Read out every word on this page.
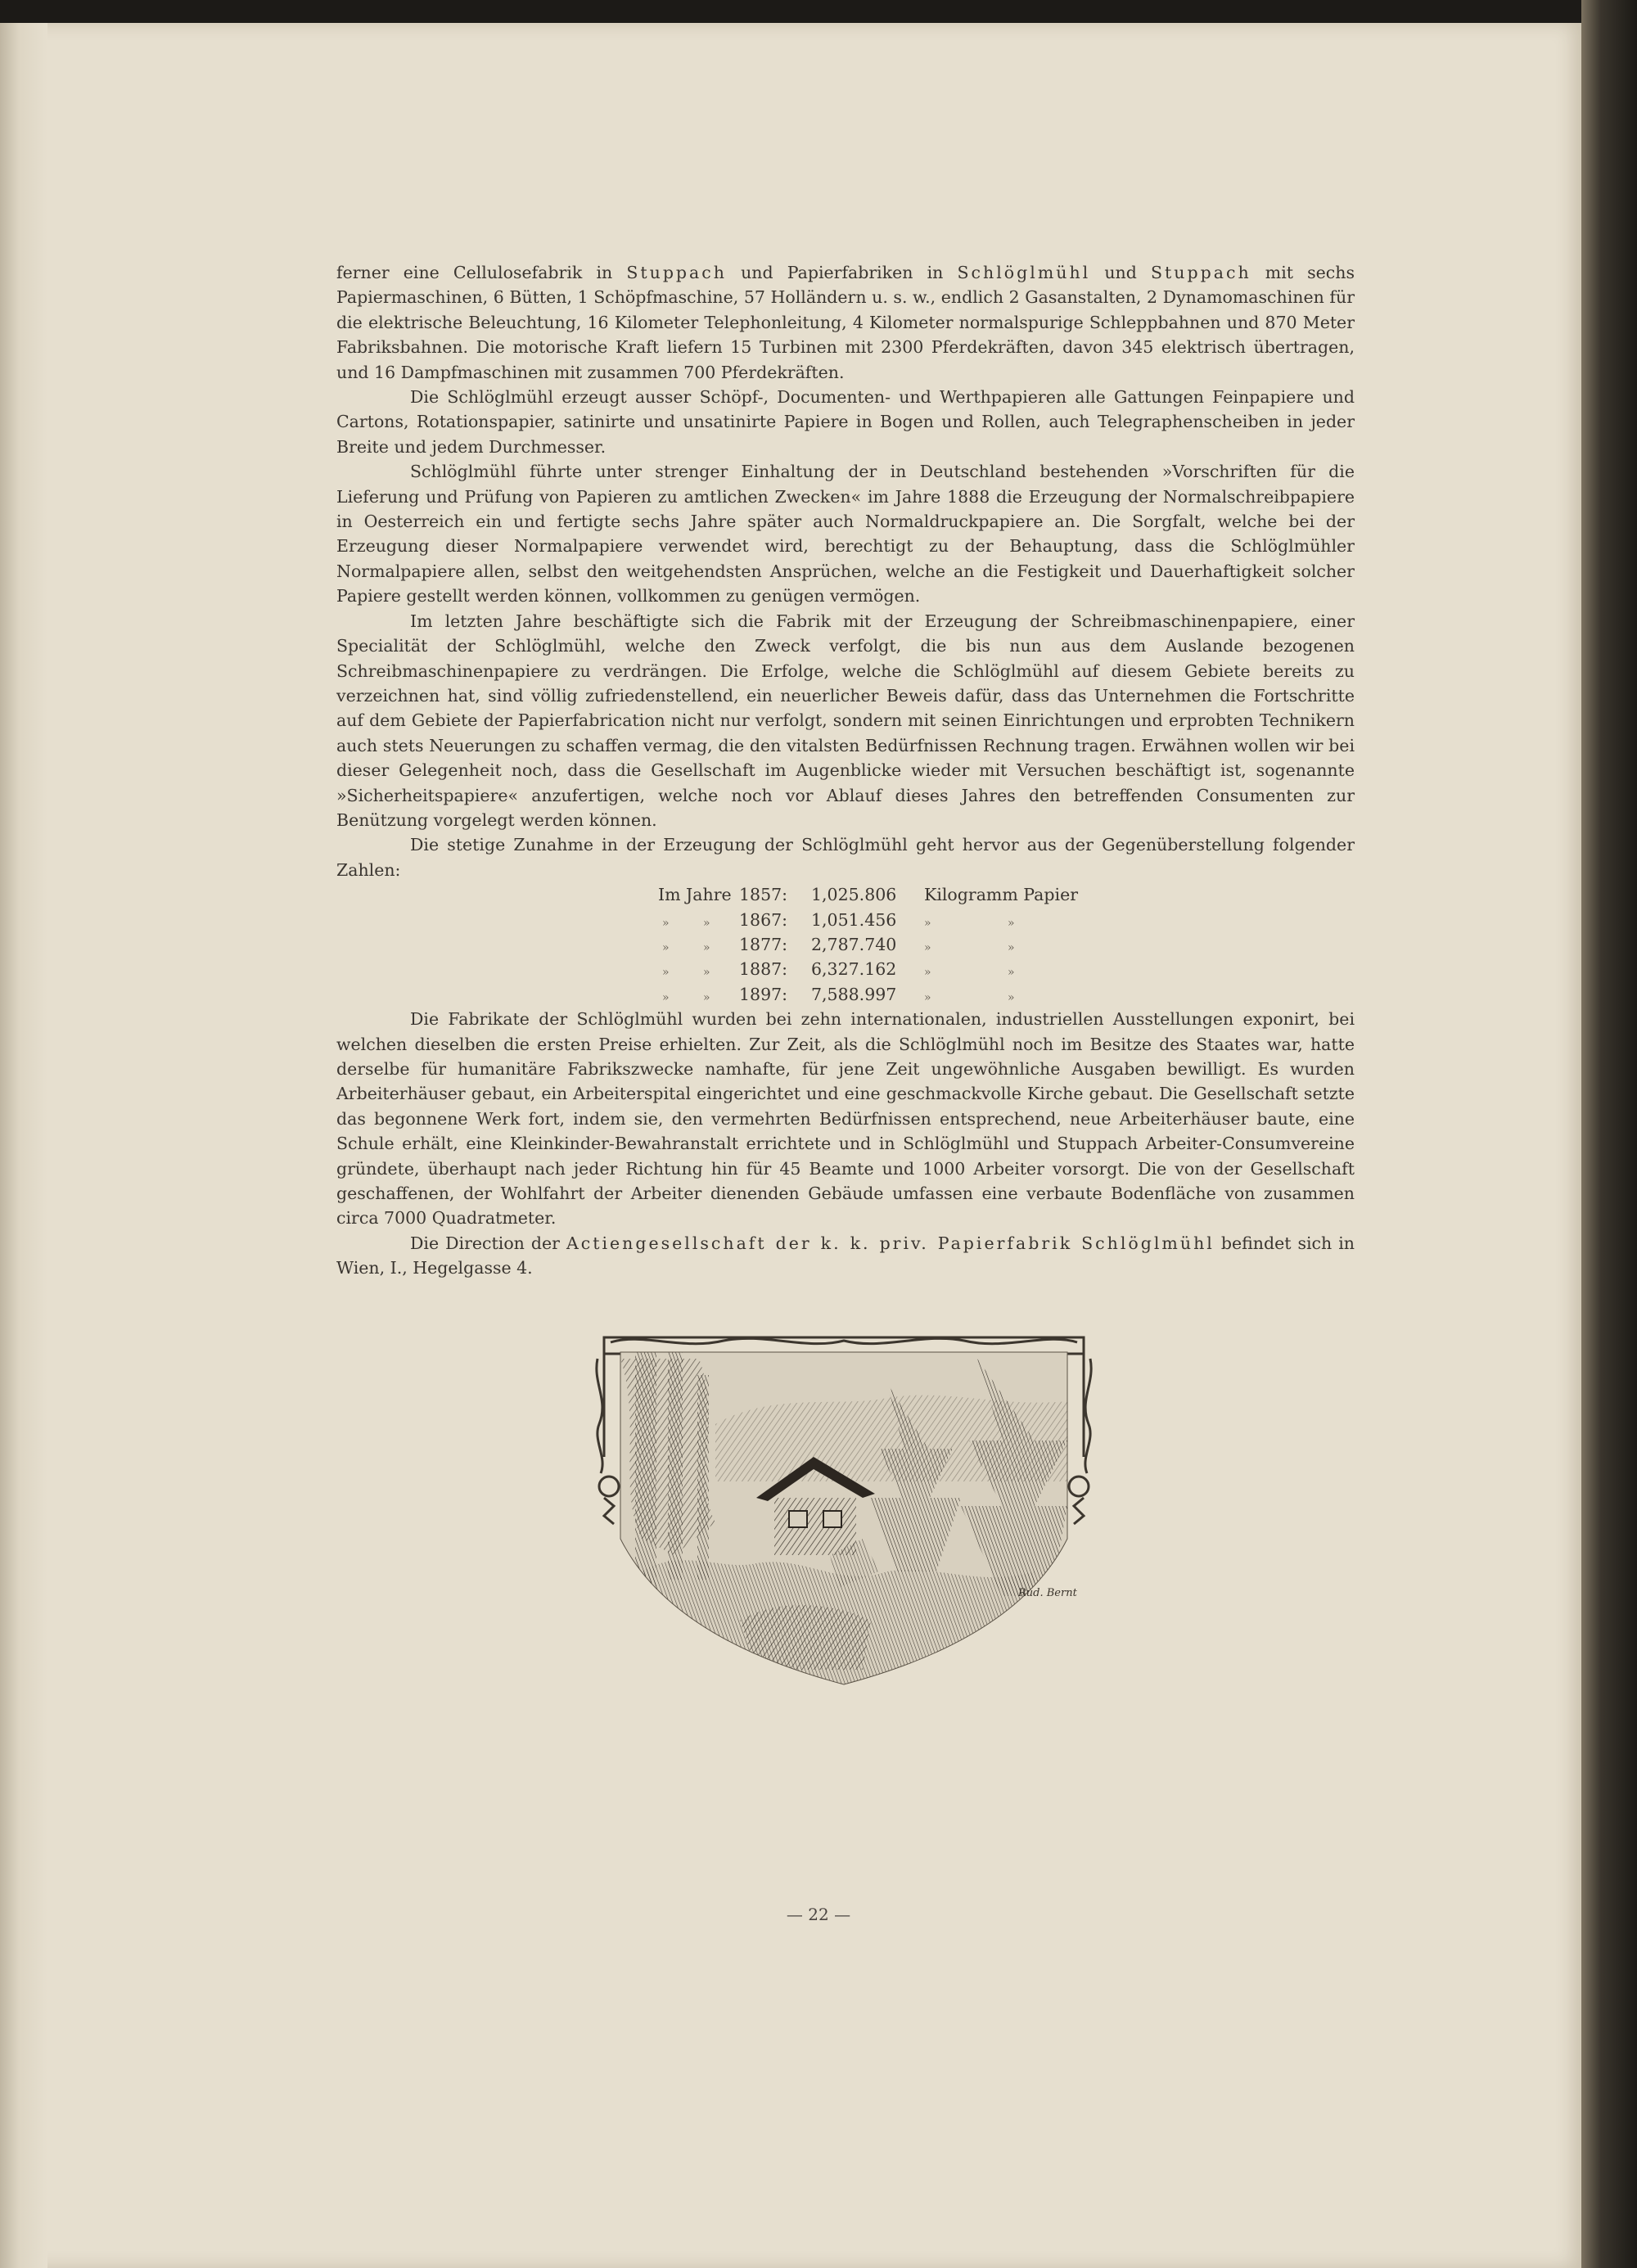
ferner eine Cellulosefabrik in Stuppach und Papierfabriken in Schlöglmühl und Stuppach mit sechs Papiermaschinen, 6 Bütten, 1 Schöpfmaschine, 57 Holländern u. s. w., endlich 2 Gasanstalten, 2 Dynamomaschinen für die elektrische Beleuchtung, 16 Kilometer Telephonleitung, 4 Kilometer normalspurige Schleppbahnen und 870 Meter Fabriksbahnen. Die motorische Kraft liefern 15 Turbinen mit 2300 Pferdekräften, davon 345 elektrisch übertragen, und 16 Dampfmaschinen mit zusammen 700 Pferdekräften.

Die Schlöglmühl erzeugt ausser Schöpf-, Documenten- und Werthpapieren alle Gattungen Feinpapiere und Cartons, Rotationspapier, satinirte und unsatinirte Papiere in Bogen und Rollen, auch Telegraphenscheiben in jeder Breite und jedem Durchmesser.

Schlöglmühl führte unter strenger Einhaltung der in Deutschland bestehenden »Vorschriften für die Lieferung und Prüfung von Papieren zu amtlichen Zwecken« im Jahre 1888 die Erzeugung der Normalschreibpapiere in Oesterreich ein und fertigte sechs Jahre später auch Normaldruckpapiere an. Die Sorgfalt, welche bei der Erzeugung dieser Normalpapiere verwendet wird, berechtigt zu der Behauptung, dass die Schlöglmühler Normalpapiere allen, selbst den weitgehendsten Ansprüchen, welche an die Festigkeit und Dauerhaftigkeit solcher Papiere gestellt werden können, vollkommen zu genügen vermögen.

Im letzten Jahre beschäftigte sich die Fabrik mit der Erzeugung der Schreibmaschinenpapiere, einer Specialität der Schlöglmühl, welche den Zweck verfolgt, die bis nun aus dem Auslande bezogenen Schreibmaschinenpapiere zu verdrängen. Die Erfolge, welche die Schlöglmühl auf diesem Gebiete bereits zu verzeichnen hat, sind völlig zufriedenstellend, ein neuerlicher Beweis dafür, dass das Unternehmen die Fortschritte auf dem Gebiete der Papierfabrication nicht nur verfolgt, sondern mit seinen Einrichtungen und erprobten Technikern auch stets Neuerungen zu schaffen vermag, die den vitalsten Bedürfnissen Rechnung tragen. Erwähnen wollen wir bei dieser Gelegenheit noch, dass die Gesellschaft im Augenblicke wieder mit Versuchen beschäftigt ist, sogenannte »Sicherheitspapiere« anzufertigen, welche noch vor Ablauf dieses Jahres den betreffenden Consumenten zur Benützung vorgelegt werden können.

Die stetige Zunahme in der Erzeugung der Schlöglmühl geht hervor aus der Gegenüberstellung folgender Zahlen:

Im Jahre 1857: 1,025.806 Kilogramm Papier
»	» 1867: 1,051.456 »	»
»	» 1877: 2,787.740 »	»
»	» 1887: 6,327.162 »	»
»	» 1897: 7,588.997 »	»

Die Fabrikate der Schlöglmühl wurden bei zehn internationalen, industriellen Ausstellungen exponirt, bei welchen dieselben die ersten Preise erhielten. Zur Zeit, als die Schlöglmühl noch im Besitze des Staates war, hatte derselbe für humanitäre Fabrikszwecke namhafte, für jene Zeit ungewöhnliche Ausgaben bewilligt. Es wurden Arbeiterhäuser gebaut, ein Arbeiterspital eingerichtet und eine geschmackvolle Kirche gebaut. Die Gesellschaft setzte das begonnene Werk fort, indem sie, den vermehrten Bedürfnissen entsprechend, neue Arbeiterhäuser baute, eine Schule erhält, eine Kleinkinder-Bewahranstalt errichtete und in Schlöglmühl und Stuppach Arbeiter-Consumvereine gründete, überhaupt nach jeder Richtung hin für 45 Beamte und 1000 Arbeiter vorsorgt. Die von der Gesellschaft geschaffenen, der Wohlfahrt der Arbeiter dienenden Gebäude umfassen eine verbaute Bodenfläche von zusammen circa 7000 Quadratmeter.

Die Direction der Actiengesellschaft der k. k. priv. Papierfabrik Schlöglmühl befindet sich in Wien, I., Hegelgasse 4.

Rud. Bernt
— 22 —
